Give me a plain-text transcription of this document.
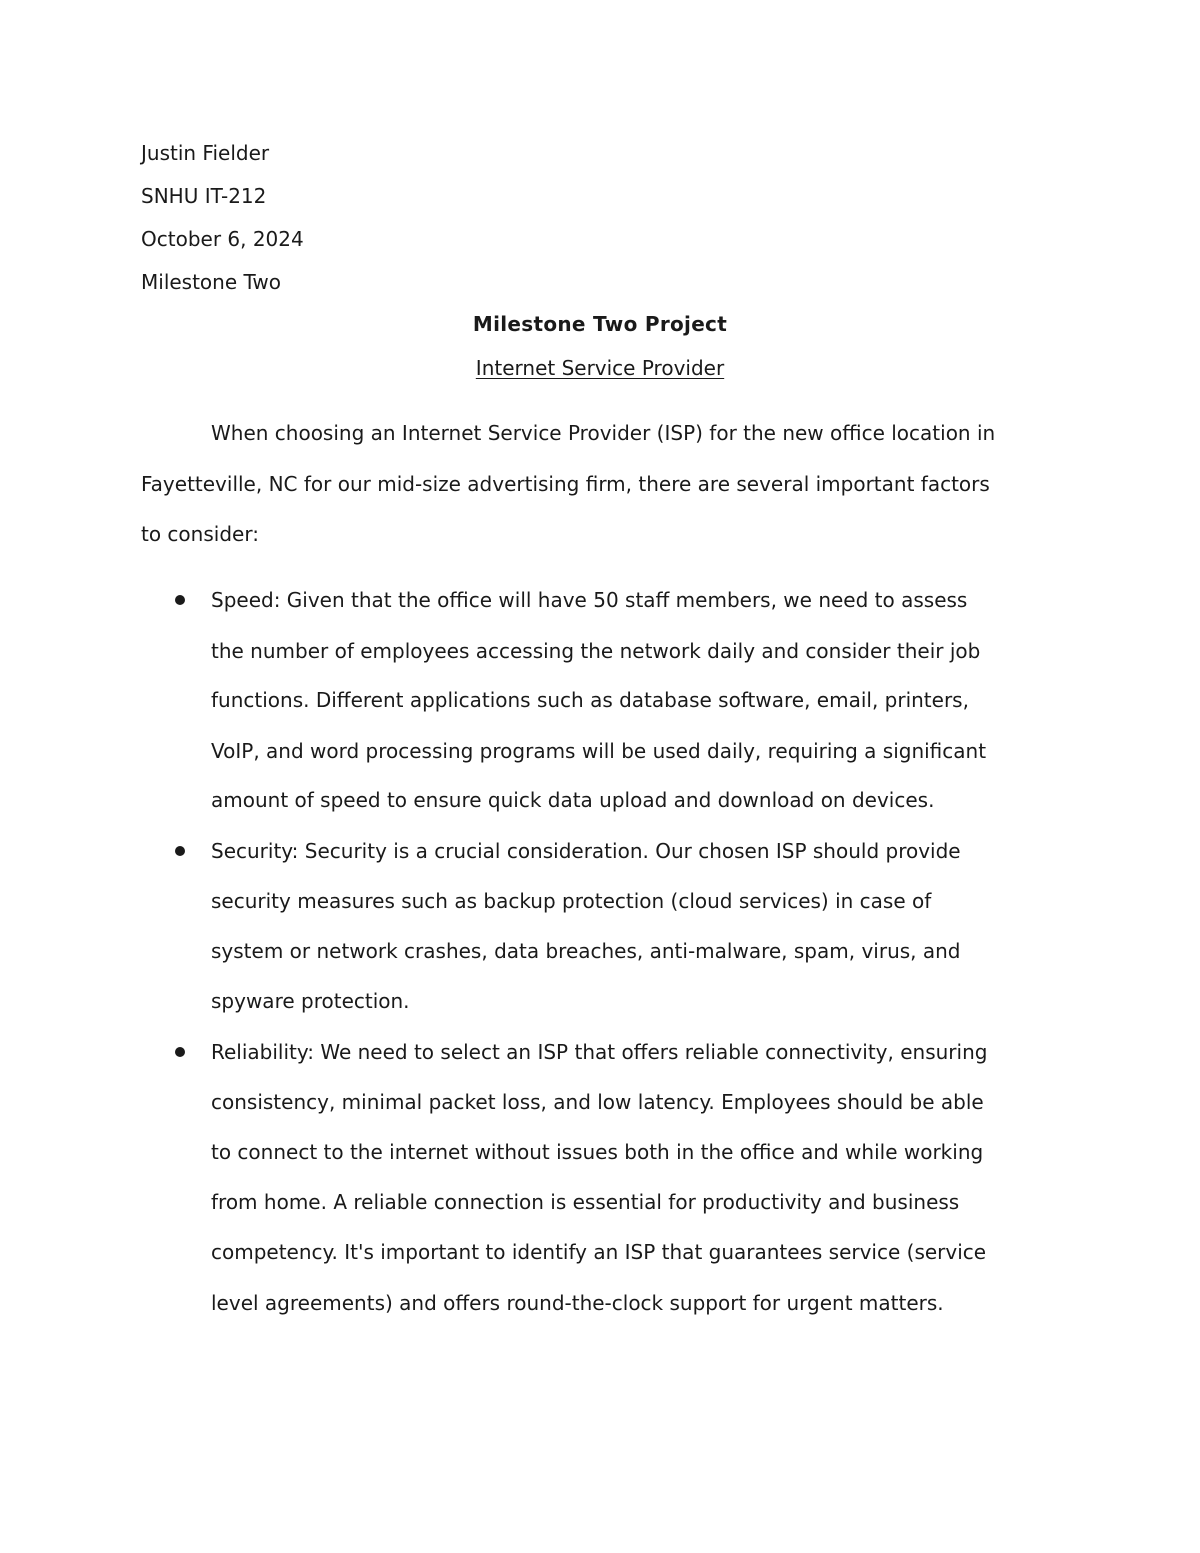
Justin Fielder
SNHU IT-212
October 6, 2024
Milestone Two
Milestone Two Project
Internet Service Provider
When choosing an Internet Service Provider (ISP) for the new office location in
Fayetteville, NC for our mid-size advertising firm, there are several important factors
to consider:
Speed: Given that the office will have 50 staff members, we need to assess
the number of employees accessing the network daily and consider their job
functions. Different applications such as database software, email, printers,
VoIP, and word processing programs will be used daily, requiring a significant
amount of speed to ensure quick data upload and download on devices.
Security: Security is a crucial consideration. Our chosen ISP should provide
security measures such as backup protection (cloud services) in case of
system or network crashes, data breaches, anti-malware, spam, virus, and
spyware protection.
Reliability: We need to select an ISP that offers reliable connectivity, ensuring
consistency, minimal packet loss, and low latency. Employees should be able
to connect to the internet without issues both in the office and while working
from home. A reliable connection is essential for productivity and business
competency. It's important to identify an ISP that guarantees service (service
level agreements) and offers round-the-clock support for urgent matters.
